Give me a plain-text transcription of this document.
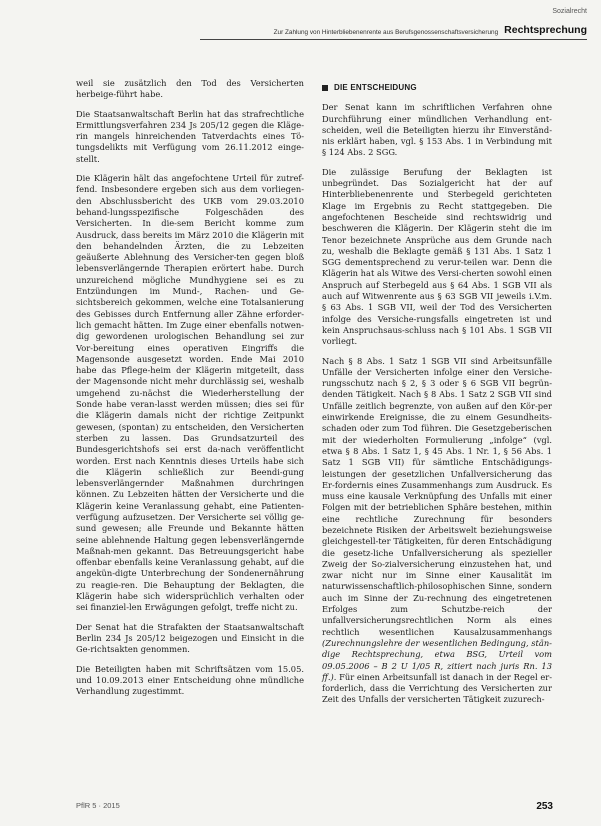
Sozialrecht
Zur Zahlung von Hinterbliebenenrente aus Berufsgenossenschaftsversicherung Rechtsprechung

weil sie zusätzlich den Tod des Versicherten herbeige-führt habe.

Die Staatsanwaltschaft Berlin hat das strafrechtliche Ermittlungsverfahren 234 Js 205/12 gegen die Kläge-rin mangels hinreichenden Tatverdachts eines Tö-tungsdelikts mit Verfügung vom 26.11.2012 einge-stellt.

Die Klägerin hält das angefochtene Urteil für zutref-fend. Insbesondere ergeben sich aus dem vorliegen-den Abschlussbericht des UKB vom 29.03.2010 behand-lungsspezifische Folgeschäden des Versicherten. In die-sem Bericht komme zum Ausdruck, dass bereits im März 2010 die Klägerin mit den behandelnden Ärzten, die zu Lebzeiten geäußerte Ablehnung des Versicher-ten gegen bloß lebensverlängernde Therapien erörtert habe. Durch unzureichend mögliche Mundhygiene sei es zu Entzündungen im Mund-, Rachen- und Ge-sichtsbereich gekommen, welche eine Totalsanierung des Gebisses durch Entfernung aller Zähne erforder-lich gemacht hätten. Im Zuge einer ebenfalls notwen-dig gewordenen urologischen Behandlung sei zur Vor-bereitung eines operativen Eingriffs die Magensonde ausgesetzt worden. Ende Mai 2010 habe das Pflege-heim der Klägerin mitgeteilt, dass der Magensonde nicht mehr durchlässig sei, weshalb umgehend zu-nächst die Wiederherstellung der Sonde habe veran-lasst werden müssen; dies sei für die Klägerin damals nicht der richtige Zeitpunkt gewesen, (spontan) zu entscheiden, den Versicherten sterben zu lassen. Das Grundsatzurteil des Bundesgerichtshofs sei erst da-nach veröffentlicht worden. Erst nach Kenntnis dieses Urteils habe sich die Klägerin schließlich zur Beendi-gung lebensverlängernder Maßnahmen durchringen können. Zu Lebzeiten hätten der Versicherte und die Klägerin keine Veranlassung gehabt, eine Patienten-verfügung aufzusetzen. Der Versicherte sei völlig ge-sund gewesen; alle Freunde und Bekannte hätten seine ablehnende Haltung gegen lebensverlängernde Maßnah-men gekannt. Das Betreuungsgericht habe offenbar ebenfalls keine Veranlassung gehabt, auf die angekün-digte Unterbrechung der Sondenernährung zu reagie-ren. Die Behauptung der Beklagten, die Klägerin habe sich widersprüchlich verhalten oder sei finanziel-len Erwägungen gefolgt, treffe nicht zu.

Der Senat hat die Strafakten der Staatsanwaltschaft Berlin 234 Js 205/12 beigezogen und Einsicht in die Ge-richtsakten genommen.

Die Beteiligten haben mit Schriftsätzen vom 15.05. und 10.09.2013 einer Entscheidung ohne mündliche Verhandlung zugestimmt.

DIE ENTSCHEIDUNG

Der Senat kann im schriftlichen Verfahren ohne Durchführung einer mündlichen Verhandlung ent-scheiden, weil die Beteiligten hierzu ihr Einverständ-nis erklärt haben, vgl. § 153 Abs. 1 in Verbindung mit § 124 Abs. 2 SGG.

Die zulässige Berufung der Beklagten ist unbegründet. Das Sozialgericht hat der auf Hinterbliebenenrente und Sterbegeld gerichteten Klage im Ergebnis zu Recht stattgegeben. Die angefochtenen Bescheide sind rechtswidrig und beschweren die Klägerin. Der Klägerin steht die im Tenor bezeichnete Ansprüche aus dem Grunde nach zu, weshalb die Beklagte gemäß § 131 Abs. 1 Satz 1 SGG dementsprechend zu verur-teilen war. Denn die Klägerin hat als Witwe des Versi-cherten sowohl einen Anspruch auf Sterbegeld aus § 64 Abs. 1 SGB VII als auch auf Witwenrente aus § 63 SGB VII jeweils i.V.m. § 63 Abs. 1 SGB VII, weil der Tod des Versicherten infolge des Versiche-rungsfalls eingetreten ist und kein Anspruchsaus-schluss nach § 101 Abs. 1 SGB VII vorliegt.

Nach § 8 Abs. 1 Satz 1 SGB VII sind Arbeitsunfälle Unfälle der Versicherten infolge einer den Versiche-rungsschutz nach § 2, § 3 oder § 6 SGB VII begrün-denden Tätigkeit. Nach § 8 Abs. 1 Satz 2 SGB VII sind Unfälle zeitlich begrenzte, von außen auf den Kör-per einwirkende Ereignisse, die zu einem Gesundheits-schaden oder zum Tod führen. Die Gesetzgeberischen mit der wiederholten Formulierung „infolge“ (vgl. etwa § 8 Abs. 1 Satz 1, § 45 Abs. 1 Nr. 1, § 56 Abs. 1 Satz 1 SGB VII) für sämtliche Entschädigungs-leistungen der gesetzlichen Unfallversicherung das Er-fordernis eines Zusammenhangs zum Ausdruck. Es muss eine kausale Verknüpfung des Unfalls mit einer Folgen mit der betrieblichen Sphäre bestehen, mithin eine rechtliche Zurechnung für besonders bezeichnete Risiken der Arbeitswelt beziehungsweise gleichgestell-ter Tätigkeiten, für deren Entschädigung die gesetz-liche Unfallversicherung als spezieller Zweig der So-zialversicherung einzustehen hat, und zwar nicht nur im Sinne einer Kausalität im naturwissenschaftlich-philosophischen Sinne, sondern auch im Sinne der Zu-rechnung des eingetretenen Erfolges zum Schutzbe-reich der unfallversicherungsrechtlichen Norm als eines rechtlich wesentlichen Kausalzusammenhangs (Zurechnungslehre der wesentlichen Bedingung, stän-dige Rechtsprechung, etwa BSG, Urteil vom 09.05.2006 – B 2 U 1/05 R, zitiert nach juris Rn. 13 ff.). Für einen Arbeitsunfall ist danach in der Regel er-forderlich, dass die Verrichtung des Versicherten zur Zeit des Unfalls der versicherten Tätigkeit zuzurech-

PflR 5 · 2015	253
